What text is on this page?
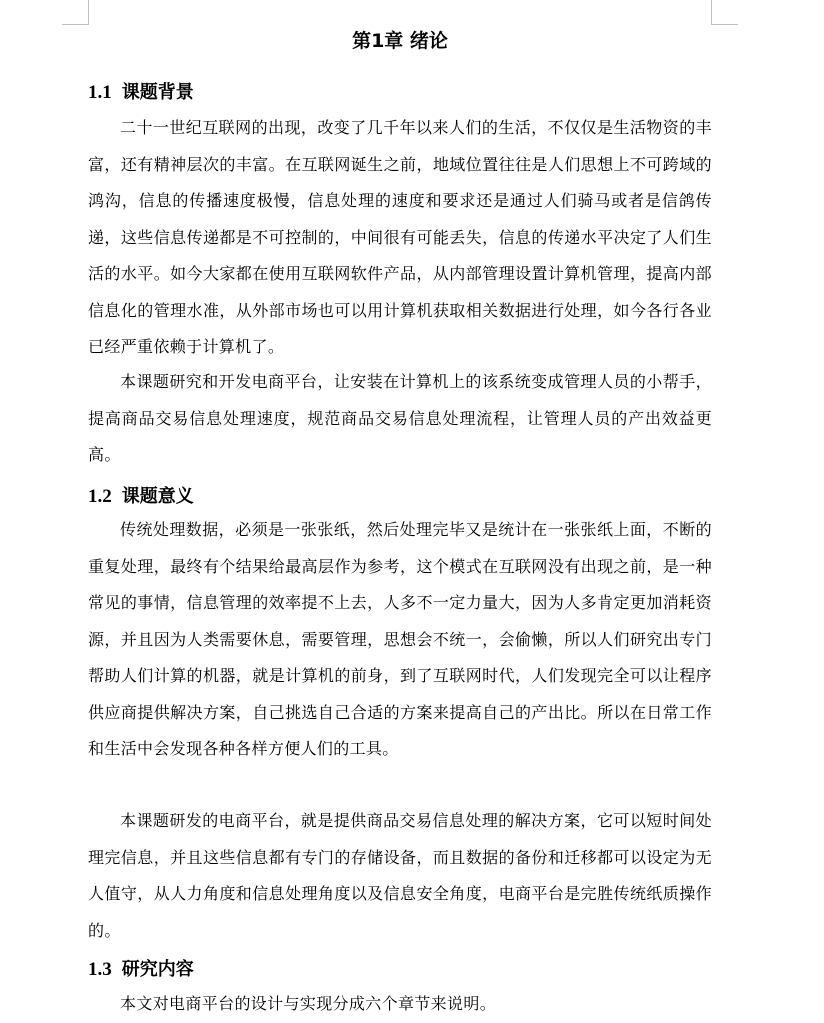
第1章 绪论
1.1 课题背景
二十一世纪互联网的出现，改变了几千年以来人们的生活，不仅仅是生活物资的丰富，还有精神层次的丰富。在互联网诞生之前，地域位置往往是人们思想上不可跨域的鸿沟，信息的传播速度极慢，信息处理的速度和要求还是通过人们骑马或者是信鸽传递，这些信息传递都是不可控制的，中间很有可能丢失，信息的传递水平决定了人们生活的水平。如今大家都在使用互联网软件产品，从内部管理设置计算机管理，提高内部信息化的管理水准，从外部市场也可以用计算机获取相关数据进行处理，如今各行各业已经严重依赖于计算机了。
本课题研究和开发电商平台，让安装在计算机上的该系统变成管理人员的小帮手，提高商品交易信息处理速度，规范商品交易信息处理流程，让管理人员的产出效益更高。
1.2 课题意义
传统处理数据，必须是一张张纸，然后处理完毕又是统计在一张张纸上面，不断的重复处理，最终有个结果给最高层作为参考，这个模式在互联网没有出现之前，是一种常见的事情，信息管理的效率提不上去，人多不一定力量大，因为人多肯定更加消耗资源，并且因为人类需要休息，需要管理，思想会不统一，会偷懒，所以人们研究出专门帮助人们计算的机器，就是计算机的前身，到了互联网时代，人们发现完全可以让程序供应商提供解决方案，自己挑选自己合适的方案来提高自己的产出比。所以在日常工作和生活中会发现各种各样方便人们的工具。
本课题研发的电商平台，就是提供商品交易信息处理的解决方案，它可以短时间处理完信息，并且这些信息都有专门的存储设备，而且数据的备份和迁移都可以设定为无人值守，从人力角度和信息处理角度以及信息安全角度，电商平台是完胜传统纸质操作的。
1.3 研究内容
本文对电商平台的设计与实现分成六个章节来说明。
